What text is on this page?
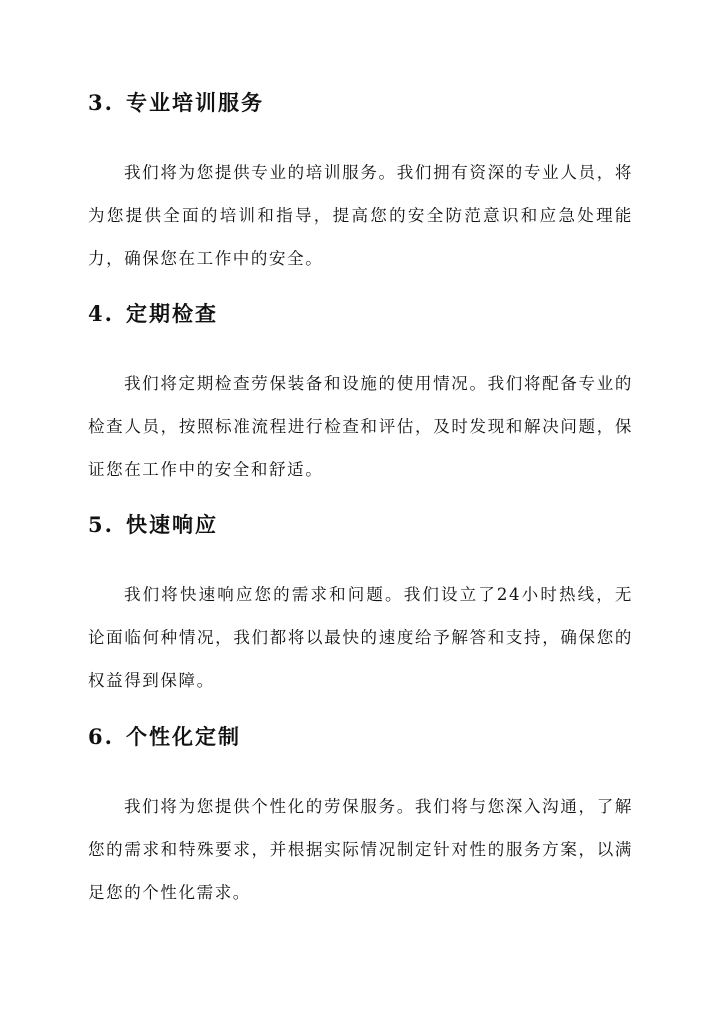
3. 专业培训服务

我们将为您提供专业的培训服务。我们拥有资深的专业人员，将为您提供全面的培训和指导，提高您的安全防范意识和应急处理能力，确保您在工作中的安全。

4. 定期检查

我们将定期检查劳保装备和设施的使用情况。我们将配备专业的检查人员，按照标准流程进行检查和评估，及时发现和解决问题，保证您在工作中的安全和舒适。

5. 快速响应

我们将快速响应您的需求和问题。我们设立了24小时热线，无论面临何种情况，我们都将以最快的速度给予解答和支持，确保您的权益得到保障。

6. 个性化定制

我们将为您提供个性化的劳保服务。我们将与您深入沟通，了解您的需求和特殊要求，并根据实际情况制定针对性的服务方案，以满足您的个性化需求。
